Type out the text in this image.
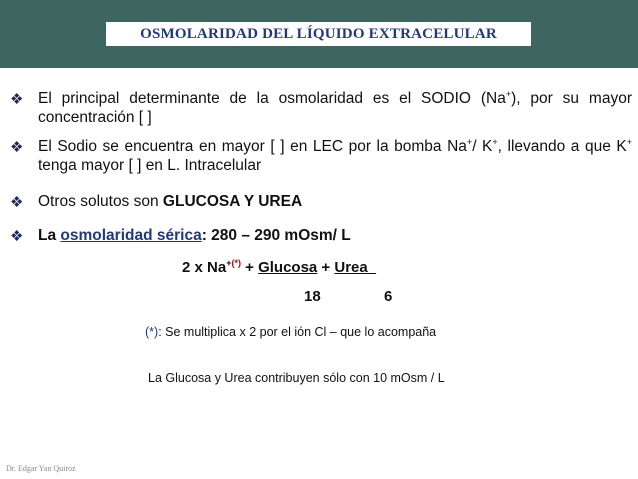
OSMOLARIDAD DEL LÍQUIDO EXTRACELULAR
❖ El principal determinante de la osmolaridad es el SODIO (Na+), por su mayor concentración [ ]
❖ El Sodio se encuentra en mayor [ ] en LEC por la bomba Na+/ K+, llevando a que K+ tenga mayor [ ] en L. Intracelular
❖ Otros solutos son GLUCOSA Y UREA
❖ La osmolaridad sérica: 280 – 290 mOsm/ L
2 x Na+(*) + Glucosa + Urea
18	6
(*): Se multiplica x 2 por el ión Cl – que lo acompaña
La Glucosa y Urea contribuyen sólo con 10 mOsm / L
Dr. Edgar Yan Quiroz
